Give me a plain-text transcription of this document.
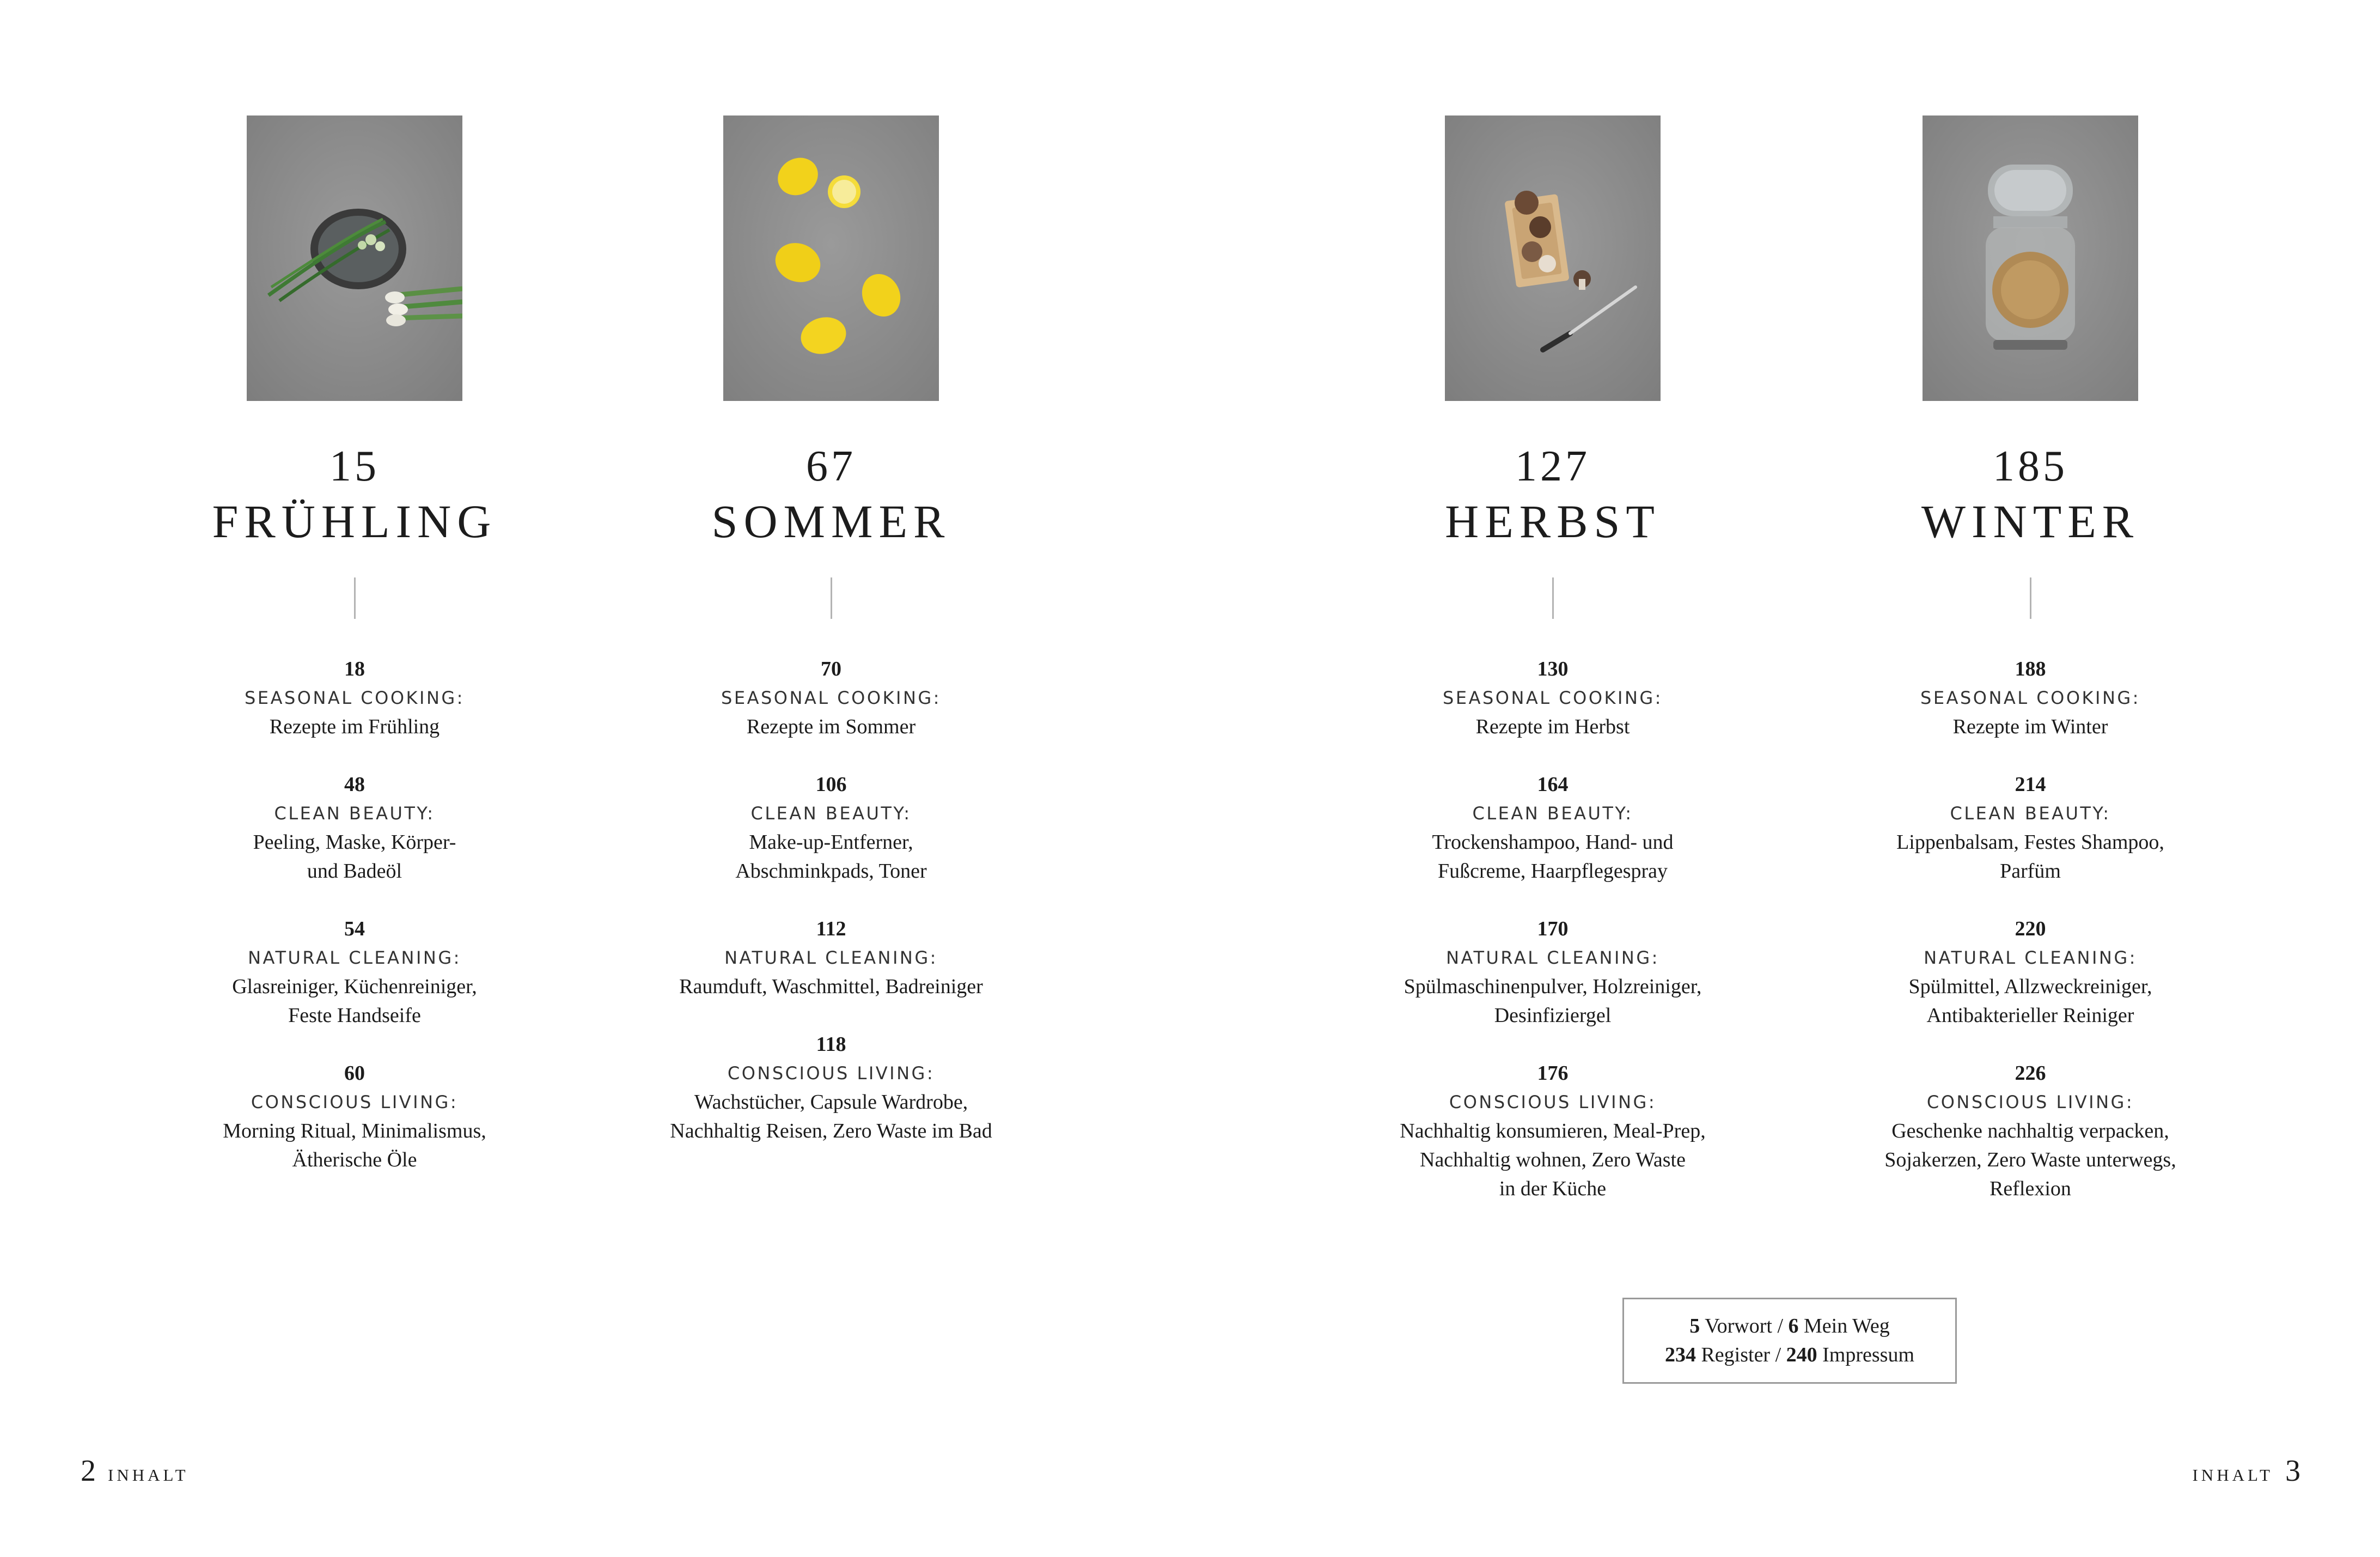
15
FRÜHLING
18
SEASONAL COOKING:
Rezepte im Frühling
48
CLEAN BEAUTY:
Peeling, Maske, Körper-
und Badeöl
54
NATURAL CLEANING:
Glasreiniger, Küchenreiniger,
Feste Handseife
60
CONSCIOUS LIVING:
Morning Ritual, Minimalismus,
Ätherische Öle
67
SOMMER
70
SEASONAL COOKING:
Rezepte im Sommer
106
CLEAN BEAUTY:
Make-up-Entferner,
Abschminkpads, Toner
112
NATURAL CLEANING:
Raumduft, Waschmittel, Badreiniger
118
CONSCIOUS LIVING:
Wachstücher, Capsule Wardrobe,
Nachhaltig Reisen, Zero Waste im Bad
127
HERBST
130
SEASONAL COOKING:
Rezepte im Herbst
164
CLEAN BEAUTY:
Trockenshampoo, Hand- und
Fußcreme, Haarpflegespray
170
NATURAL CLEANING:
Spülmaschinenpulver, Holzreiniger,
Desinfiziergel
176
CONSCIOUS LIVING:
Nachhaltig konsumieren, Meal-Prep,
Nachhaltig wohnen, Zero Waste
in der Küche
185
WINTER
188
SEASONAL COOKING:
Rezepte im Winter
214
CLEAN BEAUTY:
Lippenbalsam, Festes Shampoo,
Parfüm
220
NATURAL CLEANING:
Spülmittel, Allzweckreiniger,
Antibakterieller Reiniger
226
CONSCIOUS LIVING:
Geschenke nachhaltig verpacken,
Sojakerzen, Zero Waste unterwegs,
Reflexion
5 Vorwort / 6 Mein Weg
234 Register / 240 Impressum
2 INHALT	INHALT 3
